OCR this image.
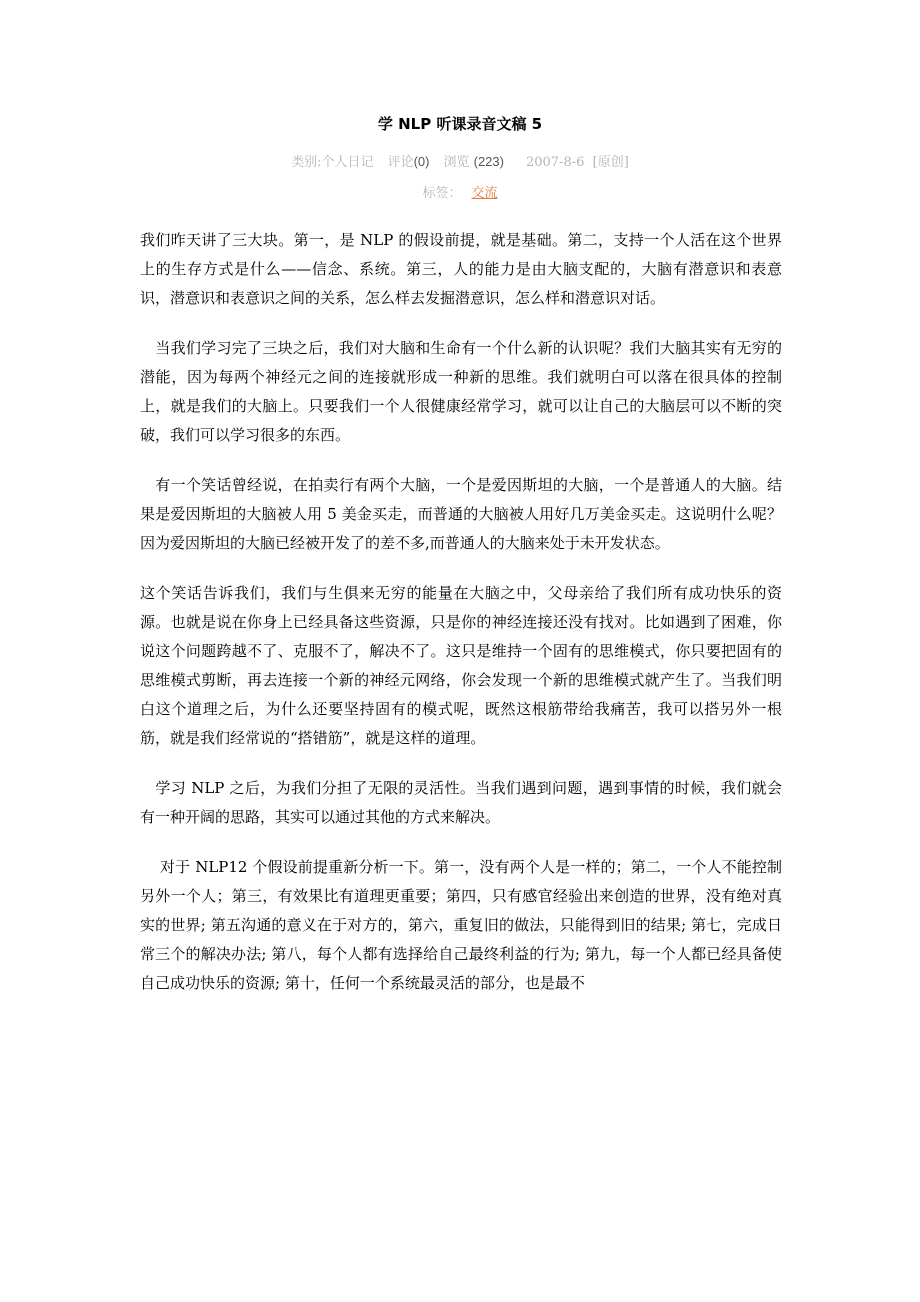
学 NLP 听课录音文稿 5
类别:个人日记 评论(0) 浏览 (223) 2007-8-6 [原创]
标签： 交流

我们昨天讲了三大块。第一，是 NLP 的假设前提，就是基础。第二，支持一个人活在这个世界上的生存方式是什么——信念、系统。第三，人的能力是由大脑支配的，大脑有潜意识和表意识，潜意识和表意识之间的关系，怎么样去发掘潜意识，怎么样和潜意识对话。

　当我们学习完了三块之后，我们对大脑和生命有一个什么新的认识呢？我们大脑其实有无穷的潜能，因为每两个神经元之间的连接就形成一种新的思维。我们就明白可以落在很具体的控制上，就是我们的大脑上。只要我们一个人很健康经常学习，就可以让自己的大脑层可以不断的突破，我们可以学习很多的东西。

　有一个笑话曾经说，在拍卖行有两个大脑，一个是爱因斯坦的大脑，一个是普通人的大脑。结果是爱因斯坦的大脑被人用 5 美金买走，而普通的大脑被人用好几万美金买走。这说明什么呢？因为爱因斯坦的大脑已经被开发了的差不多,而普通人的大脑来处于未开发状态。

这个笑话告诉我们，我们与生俱来无穷的能量在大脑之中，父母亲给了我们所有成功快乐的资源。也就是说在你身上已经具备这些资源，只是你的神经连接还没有找对。比如遇到了困难，你说这个问题跨越不了、克服不了，解决不了。这只是维持一个固有的思维模式，你只要把固有的思维模式剪断，再去连接一个新的神经元网络，你会发现一个新的思维模式就产生了。当我们明白这个道理之后，为什么还要坚持固有的模式呢，既然这根筋带给我痛苦，我可以搭另外一根筋，就是我们经常说的“搭错筋”，就是这样的道理。

　学习 NLP 之后，为我们分担了无限的灵活性。当我们遇到问题，遇到事情的时候，我们就会有一种开阔的思路，其实可以通过其他的方式来解决。

　 对于 NLP12 个假设前提重新分析一下。第一，没有两个人是一样的；第二，一个人不能控制另外一个人；第三，有效果比有道理更重要；第四，只有感官经验出来创造的世界，没有绝对真实的世界; 第五沟通的意义在于对方的，第六，重复旧的做法，只能得到旧的结果; 第七，完成日常三个的解决办法; 第八，每个人都有选择给自己最终利益的行为; 第九，每一个人都已经具备使自己成功快乐的资源; 第十，任何一个系统最灵活的部分，也是最不
